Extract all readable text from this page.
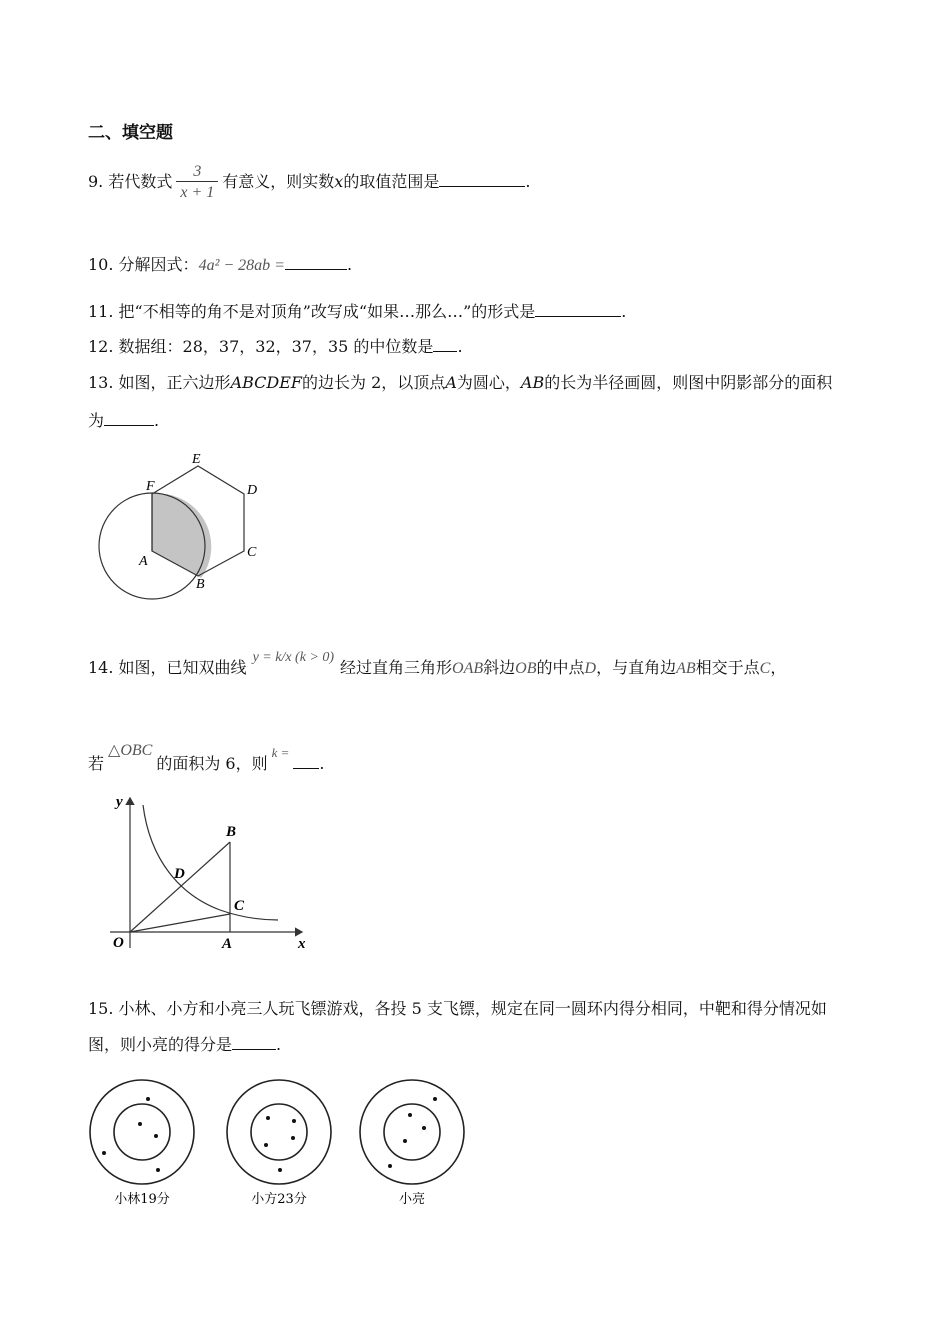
二、填空题
9. 若代数式 $\frac{3}{x + 1}$ 有意义，则实数x的取值范围是	.
10. 分解因式：4a² − 28ab =	.
11. 把“不相等的角不是对顶角”改写成“如果…那么…”的形式是	.
12. 数据组：28，37，32，37，35 的中位数是 .
13. 如图，正六边形ABCDEF的边长为 2，以顶点A为圆心，AB的长为半径画圆，则图中阴影部分的面积
为	.
F
E
D
C
B
A
14. 如图，已知双曲线y = k/x (k > 0)经过直角三角形OAB斜边OB的中点D，与直角边AB相交于点C，
若△OBC的面积为 6，则$^{k =}$.
y
x
O	A
B
C
D
15. 小林、小方和小亮三人玩飞镖游戏，各投 5 支飞镖，规定在同一圆环内得分相同，中靶和得分情况如
图，则小亮的得分是	.
小林19分	小方23分	小亮
